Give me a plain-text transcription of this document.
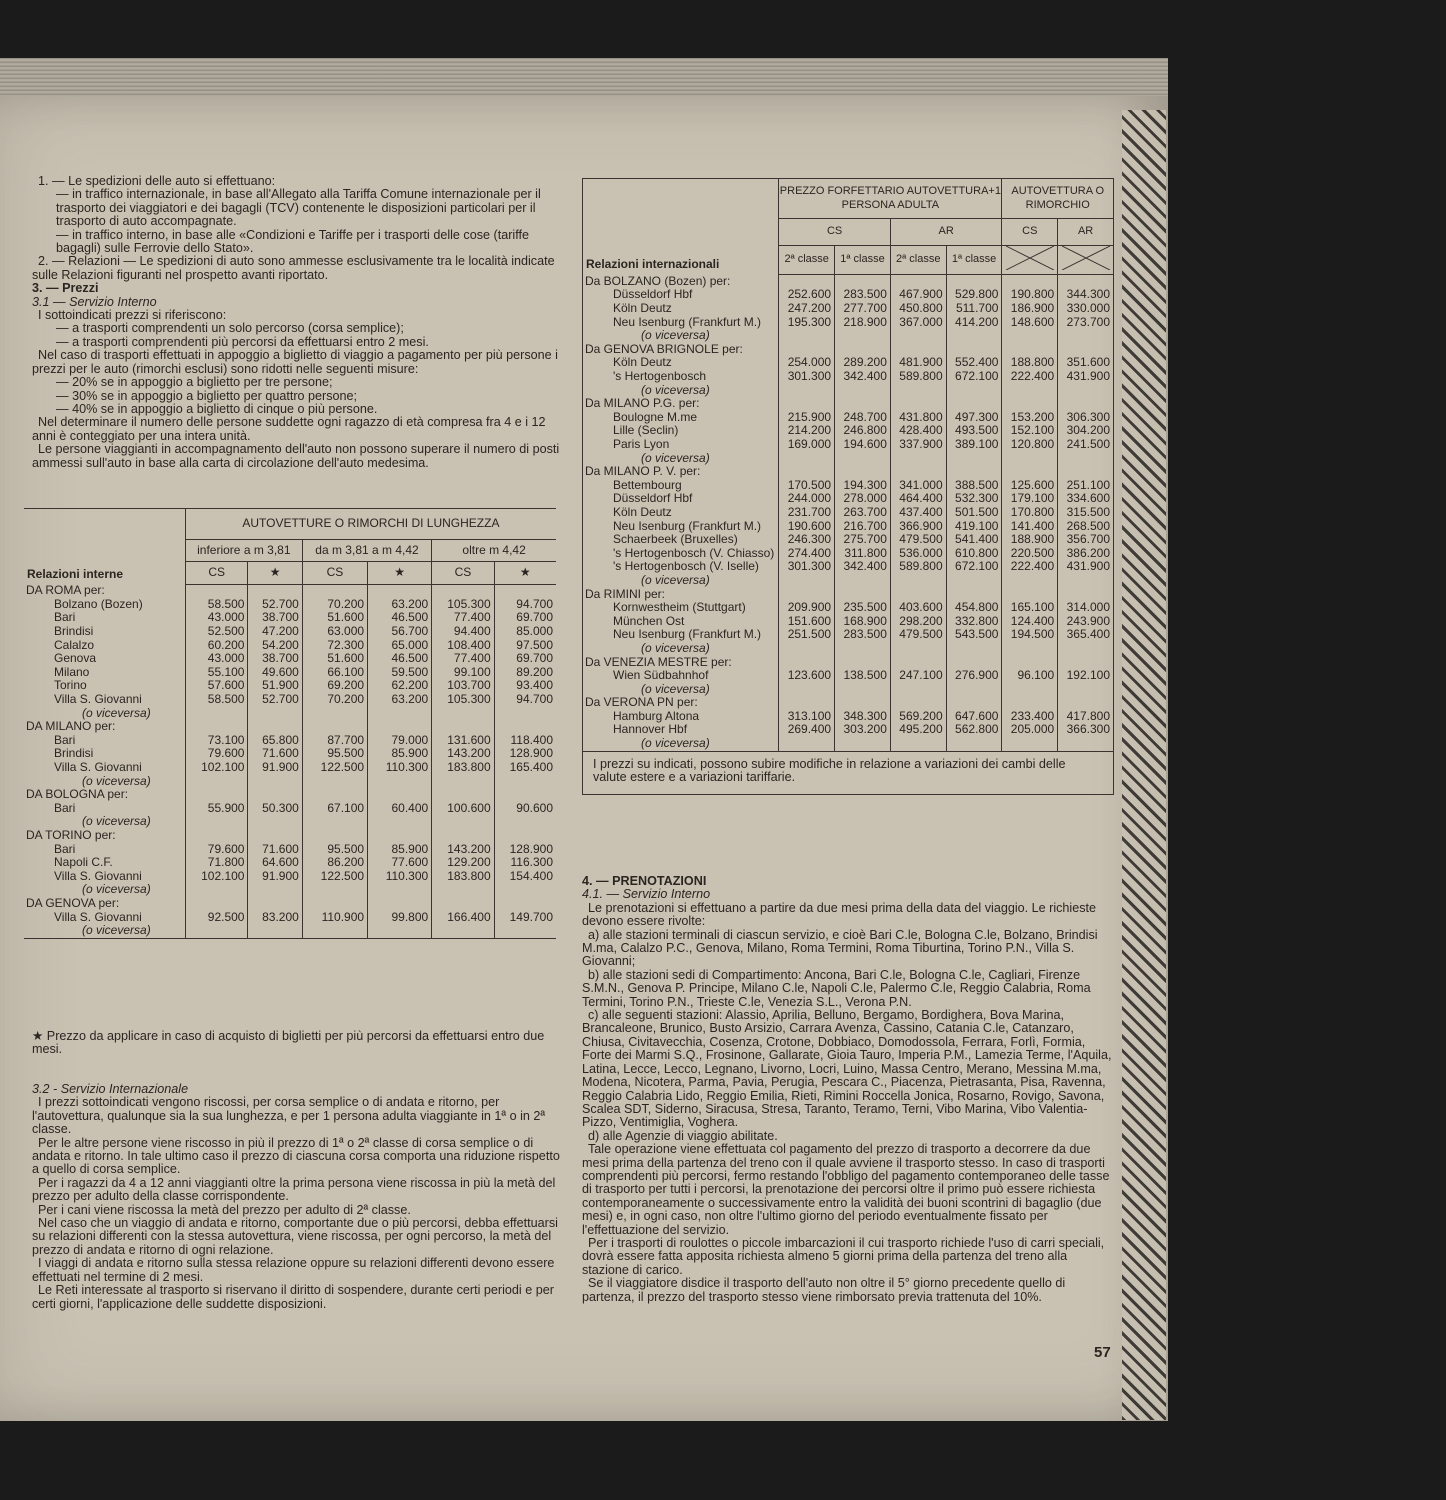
1. — Le spedizioni delle auto si effettuano:

— in traffico internazionale, in base all'Allegato alla Tariffa Comune internazionale per il trasporto dei viaggiatori e dei bagagli (TCV) contenente le disposizioni particolari per il trasporto di auto accompagnate.

— in traffico interno, in base alle «Condizioni e Tariffe per i trasporti delle cose (tariffe bagagli) sulle Ferrovie dello Stato».

2. — Relazioni — Le spedizioni di auto sono ammesse esclusivamente tra le località indicate sulle Relazioni figuranti nel prospetto avanti riportato.

3. — Prezzi

3.1 — Servizio Interno

I sottoindicati prezzi si riferiscono:

— a trasporti comprendenti un solo percorso (corsa semplice);

— a trasporti comprendenti più percorsi da effettuarsi entro 2 mesi.

Nel caso di trasporti effettuati in appoggio a biglietto di viaggio a pagamento per più persone i prezzi per le auto (rimorchi esclusi) sono ridotti nelle seguenti misure:

— 20% se in appoggio a biglietto per tre persone;

— 30% se in appoggio a biglietto per quattro persone;

— 40% se in appoggio a biglietto di cinque o più persone.

Nel determinare il numero delle persone suddette ogni ragazzo di età compresa fra 4 e i 12 anni è conteggiato per una intera unità.

Le persone viaggianti in accompagnamento dell'auto non possono superare il numero di posti ammessi sull'auto in base alla carta di circolazione dell'auto medesima.

Relazioni interne	AUTOVETTURE O RIMORCHI DI LUNGHEZZA					
	inferiore a m 3,81		da m 3,81 a m 4,42		oltre m 4,42	
	CS	★	CS	★	CS	★
DA ROMA per:						
Bolzano (Bozen)	58.500	52.700	70.200	63.200	105.300	94.700
Bari	43.000	38.700	51.600	46.500	77.400	69.700
Brindisi	52.500	47.200	63.000	56.700	94.400	85.000
Calalzo	60.200	54.200	72.300	65.000	108.400	97.500
Genova	43.000	38.700	51.600	46.500	77.400	69.700
Milano	55.100	49.600	66.100	59.500	99.100	89.200
Torino	57.600	51.900	69.200	62.200	103.700	93.400
Villa S. Giovanni	58.500	52.700	70.200	63.200	105.300	94.700
(o viceversa)						
DA MILANO per:						
Bari	73.100	65.800	87.700	79.000	131.600	118.400
Brindisi	79.600	71.600	95.500	85.900	143.200	128.900
Villa S. Giovanni	102.100	91.900	122.500	110.300	183.800	165.400
(o viceversa)						
DA BOLOGNA per:						
Bari	55.900	50.300	67.100	60.400	100.600	90.600
(o viceversa)						
DA TORINO per:						
Bari	79.600	71.600	95.500	85.900	143.200	128.900
Napoli C.F.	71.800	64.600	86.200	77.600	129.200	116.300
Villa S. Giovanni	102.100	91.900	122.500	110.300	183.800	154.400
(o viceversa)						
DA GENOVA per:						
Villa S. Giovanni	92.500	83.200	110.900	99.800	166.400	149.700
(o viceversa)						
★ Prezzo da applicare in caso di acquisto di biglietti per più percorsi da effettuarsi entro due mesi.

3.2 - Servizio Internazionale

I prezzi sottoindicati vengono riscossi, per corsa semplice o di andata e ritorno, per l'autovettura, qualunque sia la sua lunghezza, e per 1 persona adulta viaggiante in 1ª o in 2ª classe.

Per le altre persone viene riscosso in più il prezzo di 1ª o 2ª classe di corsa semplice o di andata e ritorno. In tale ultimo caso il prezzo di ciascuna corsa comporta una riduzione rispetto a quello di corsa semplice.

Per i ragazzi da 4 a 12 anni viaggianti oltre la prima persona viene riscossa in più la metà del prezzo per adulto della classe corrispondente.

Per i cani viene riscossa la metà del prezzo per adulto di 2ª classe.

Nel caso che un viaggio di andata e ritorno, comportante due o più percorsi, debba effettuarsi su relazioni differenti con la stessa autovettura, viene riscossa, per ogni percorso, la metà del prezzo di andata e ritorno di ogni relazione.

I viaggi di andata e ritorno sulla stessa relazione oppure su relazioni differenti devono essere effettuati nel termine di 2 mesi.

Le Reti interessate al trasporto si riservano il diritto di sospendere, durante certi periodi e per certi giorni, l'applicazione delle suddette disposizioni.

Relazioni internazionali	PREZZO FORFETTARIO AUTOVETTURA+1 PERSONA ADULTA				AUTOVETTURA O RIMORCHIO	
	CS		AR		CS	AR
	2ª classe	1ª classe	2ª classe	1ª classe		
Da BOLZANO (Bozen) per:						
Düsseldorf Hbf	252.600	283.500	467.900	529.800	190.800	344.300
Köln Deutz	247.200	277.700	450.800	511.700	186.900	330.000
Neu Isenburg (Frankfurt M.)	195.300	218.900	367.000	414.200	148.600	273.700
(o viceversa)						
Da GENOVA BRIGNOLE per:						
Köln Deutz	254.000	289.200	481.900	552.400	188.800	351.600
's Hertogenbosch	301.300	342.400	589.800	672.100	222.400	431.900
(o viceversa)						
Da MILANO P.G. per:						
Boulogne M.me	215.900	248.700	431.800	497.300	153.200	306.300
Lille (Seclin)	214.200	246.800	428.400	493.500	152.100	304.200
Paris Lyon	169.000	194.600	337.900	389.100	120.800	241.500
(o viceversa)						
Da MILANO P. V. per:						
Bettembourg	170.500	194.300	341.000	388.500	125.600	251.100
Düsseldorf Hbf	244.000	278.000	464.400	532.300	179.100	334.600
Köln Deutz	231.700	263.700	437.400	501.500	170.800	315.500
Neu Isenburg (Frankfurt M.)	190.600	216.700	366.900	419.100	141.400	268.500
Schaerbeek (Bruxelles)	246.300	275.700	479.500	541.400	188.900	356.700
's Hertogenbosch (V. Chiasso)	274.400	311.800	536.000	610.800	220.500	386.200
's Hertogenbosch (V. Iselle)	301.300	342.400	589.800	672.100	222.400	431.900
(o viceversa)						
Da RIMINI per:						
Kornwestheim (Stuttgart)	209.900	235.500	403.600	454.800	165.100	314.000
München Ost	151.600	168.900	298.200	332.800	124.400	243.900
Neu Isenburg (Frankfurt M.)	251.500	283.500	479.500	543.500	194.500	365.400
(o viceversa)						
Da VENEZIA MESTRE per:						
Wien Südbahnhof	123.600	138.500	247.100	276.900	96.100	192.100
(o viceversa)						
Da VERONA PN per:						
Hamburg Altona	313.100	348.300	569.200	647.600	233.400	417.800
Hannover Hbf	269.400	303.200	495.200	562.800	205.000	366.300
(o viceversa)						
I prezzi su indicati, possono subire modifiche in relazione a variazioni dei cambi delle valute estere e a variazioni tariffarie.						

4. — PRENOTAZIONI

4.1. — Servizio Interno

Le prenotazioni si effettuano a partire da due mesi prima della data del viaggio. Le richieste devono essere rivolte:

a) alle stazioni terminali di ciascun servizio, e cioè Bari C.le, Bologna C.le, Bolzano, Brindisi M.ma, Calalzo P.C., Genova, Milano, Roma Termini, Roma Tiburtina, Torino P.N., Villa S. Giovanni;

b) alle stazioni sedi di Compartimento: Ancona, Bari C.le, Bologna C.le, Cagliari, Firenze S.M.N., Genova P. Principe, Milano C.le, Napoli C.le, Palermo C.le, Reggio Calabria, Roma Termini, Torino P.N., Trieste C.le, Venezia S.L., Verona P.N.

c) alle seguenti stazioni: Alassio, Aprilia, Belluno, Bergamo, Bordighera, Bova Marina, Brancaleone, Brunico, Busto Arsizio, Carrara Avenza, Cassino, Catania C.le, Catanzaro, Chiusa, Civitavecchia, Cosenza, Crotone, Dobbiaco, Domodossola, Ferrara, Forlì, Formia, Forte dei Marmi S.Q., Frosinone, Gallarate, Gioia Tauro, Imperia P.M., Lamezia Terme, l'Aquila, Latina, Lecce, Lecco, Legnano, Livorno, Locri, Luino, Massa Centro, Merano, Messina M.ma, Modena, Nicotera, Parma, Pavia, Perugia, Pescara C., Piacenza, Pietrasanta, Pisa, Ravenna, Reggio Calabria Lido, Reggio Emilia, Rieti, Rimini Roccella Jonica, Rosarno, Rovigo, Savona, Scalea SDT, Siderno, Siracusa, Stresa, Taranto, Teramo, Terni, Vibo Marina, Vibo Valentia-Pizzo, Ventimiglia, Voghera.

d) alle Agenzie di viaggio abilitate.

Tale operazione viene effettuata col pagamento del prezzo di trasporto a decorrere da due mesi prima della partenza del treno con il quale avviene il trasporto stesso. In caso di trasporti comprendenti più percorsi, fermo restando l'obbligo del pagamento contemporaneo delle tasse di trasporto per tutti i percorsi, la prenotazione dei percorsi oltre il primo può essere richiesta contemporaneamente o successivamente entro la validità dei buoni scontrini di bagaglio (due mesi) e, in ogni caso, non oltre l'ultimo giorno del periodo eventualmente fissato per l'effettuazione del servizio.

Per i trasporti di roulottes o piccole imbarcazioni il cui trasporto richiede l'uso di carri speciali, dovrà essere fatta apposita richiesta almeno 5 giorni prima della partenza del treno alla stazione di carico.

Se il viaggiatore disdice il trasporto dell'auto non oltre il 5° giorno precedente quello di partenza, il prezzo del trasporto stesso viene rimborsato previa trattenuta del 10%.

57
